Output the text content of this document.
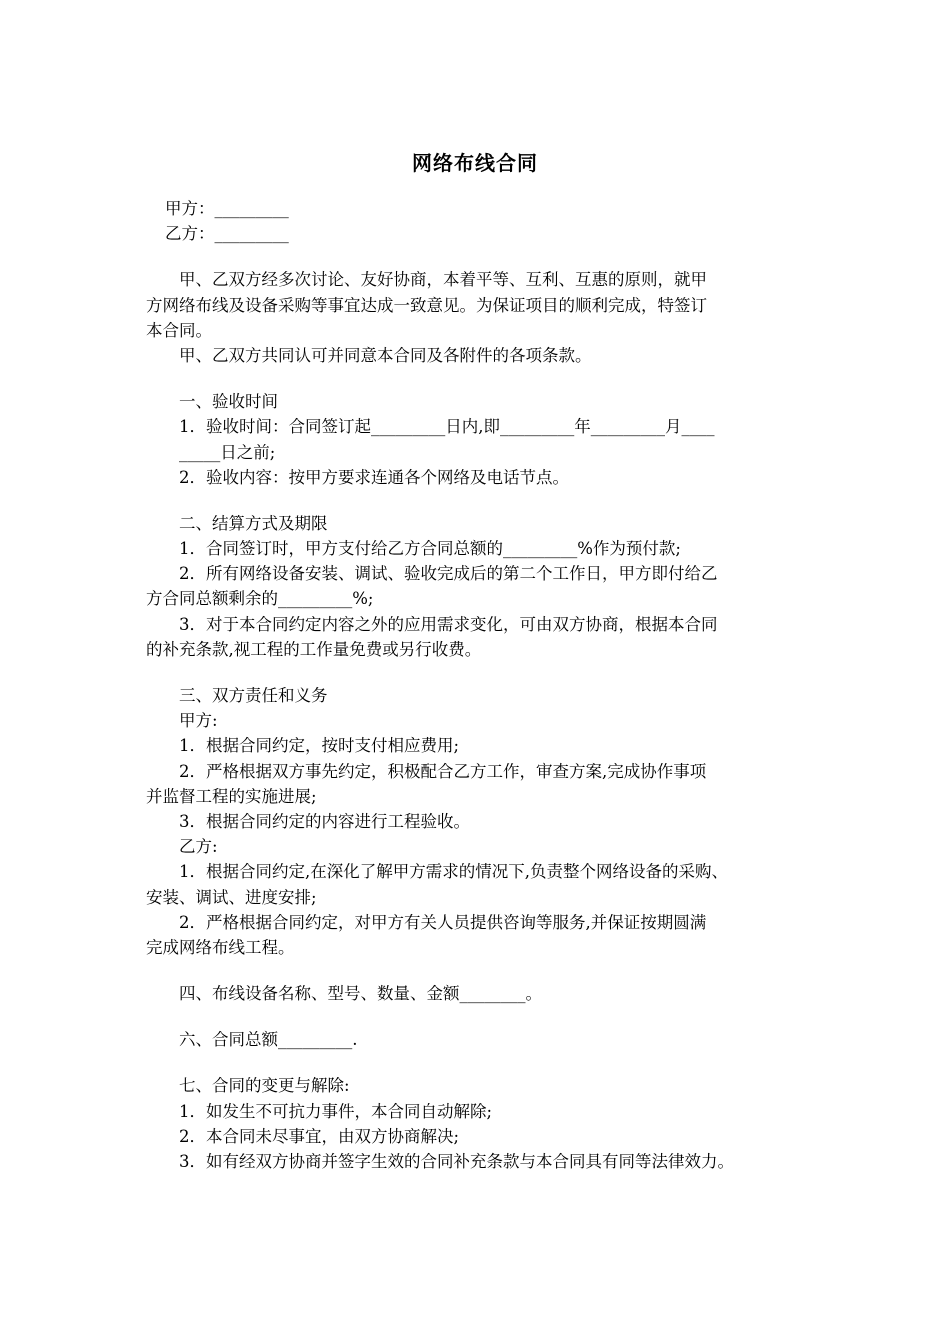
网络布线合同

甲方：_________

乙方：_________

甲、乙双方经多次讨论、友好协商，本着平等、互利、互惠的原则，就甲

方网络布线及设备采购等事宜达成一致意见。为保证项目的顺利完成，特签订

本合同。

甲、乙双方共同认可并同意本合同及各附件的各项条款。

一、验收时间

1．验收时间：合同签订起_________日内,即_________年_________月____

_____日之前;

2．验收内容：按甲方要求连通各个网络及电话节点。

二、结算方式及期限

1．合同签订时，甲方支付给乙方合同总额的_________%作为预付款;

2．所有网络设备安装、调试、验收完成后的第二个工作日，甲方即付给乙

方合同总额剩余的_________%;

3．对于本合同约定内容之外的应用需求变化，可由双方协商，根据本合同

的补充条款,视工程的工作量免费或另行收费。

三、双方责任和义务

甲方:

1．根据合同约定，按时支付相应费用;

2．严格根据双方事先约定，积极配合乙方工作，审查方案,完成协作事项

并监督工程的实施进展;

3．根据合同约定的内容进行工程验收。

乙方:

1．根据合同约定,在深化了解甲方需求的情况下,负责整个网络设备的采购、

安装、调试、进度安排;

2．严格根据合同约定，对甲方有关人员提供咨询等服务,并保证按期圆满

完成网络布线工程。

四、布线设备名称、型号、数量、金额________。

六、合同总额_________.

七、合同的变更与解除:

1．如发生不可抗力事件，本合同自动解除;

2．本合同未尽事宜，由双方协商解决;

3．如有经双方协商并签字生效的合同补充条款与本合同具有同等法律效力。
